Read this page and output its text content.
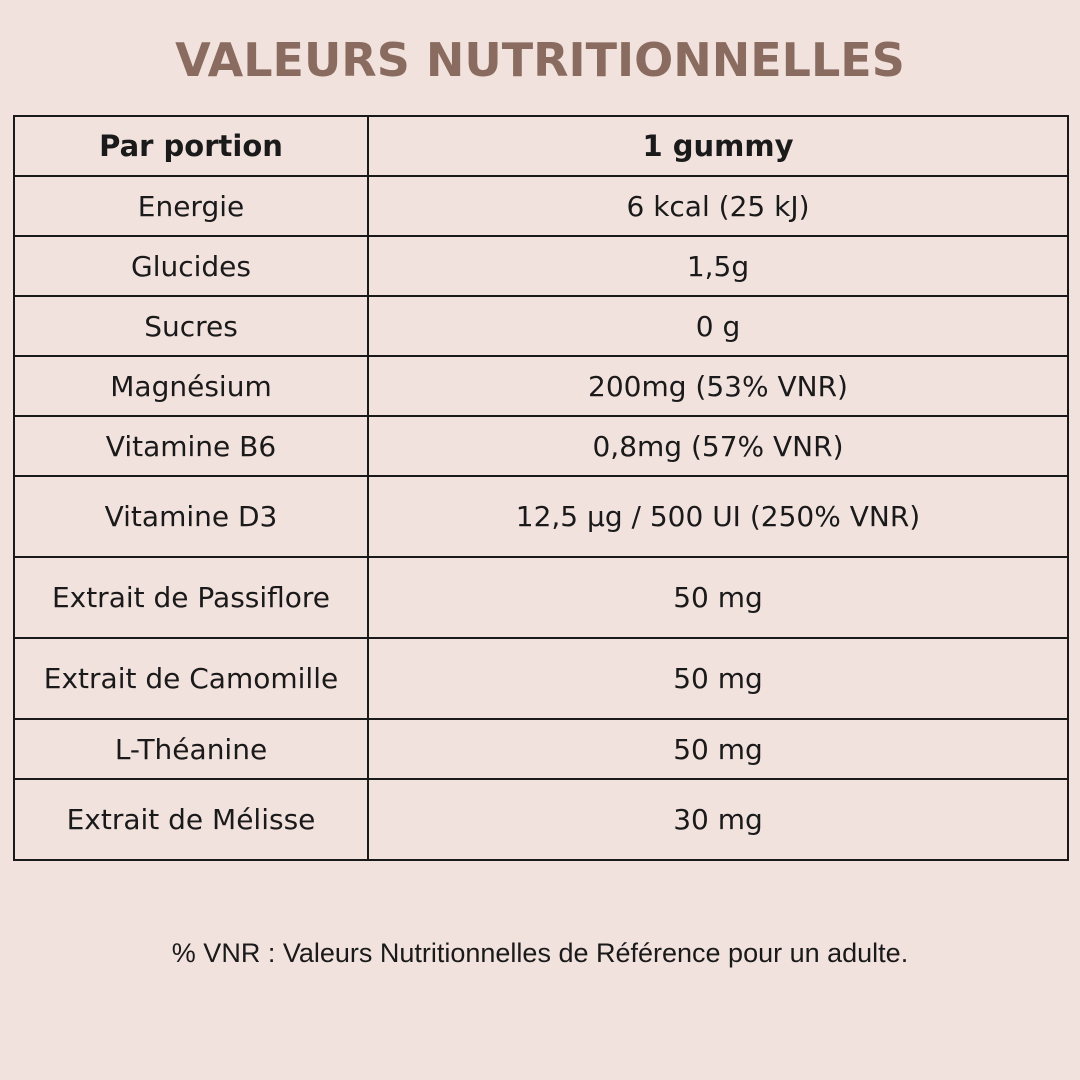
VALEURS NUTRITIONNELLES
Par portion	1 gummy
Energie	6 kcal (25 kJ)
Glucides	1,5g
Sucres	0 g
Magnésium	200mg (53% VNR)
Vitamine B6	0,8mg (57% VNR)
Vitamine D3	12,5 µg / 500 UI (250% VNR)
Extrait de Passiflore	50 mg
Extrait de Camomille	50 mg
L-Théanine	50 mg
Extrait de Mélisse	30 mg
% VNR : Valeurs Nutritionnelles de Référence pour un adulte.
